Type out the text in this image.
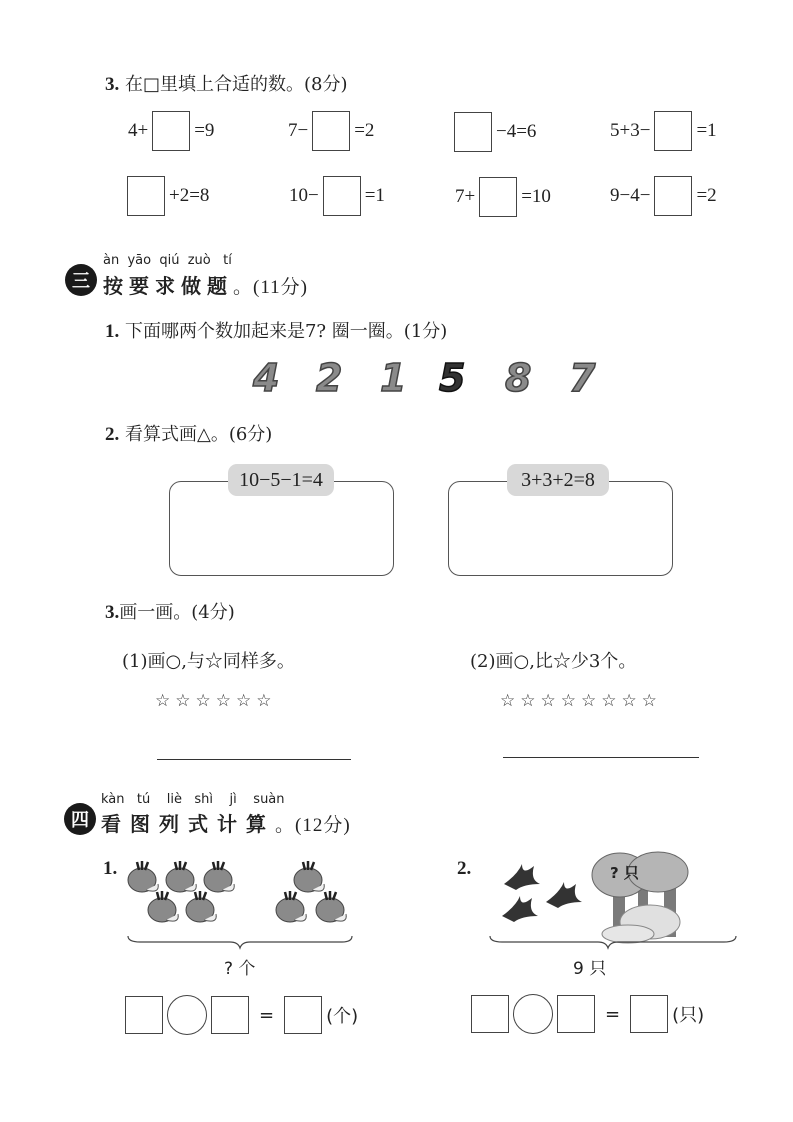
3. 在□里填上合适的数。(8分)
4+ =9	7− =2	−4=6	5+3− =1
+2=8	10− =1	7+ =10	9−4− =2
三
àn  yāo  qiú  zuò   tí
按要求做题。(11分)
1. 下面哪两个数加起来是7? 圈一圈。(1分)
4 2 1 5 8 7
2. 看算式画△。(6分)
10−5−1=4	3+3+2=8
3.画一画。(4分)
(1)画○,与☆同样多。
☆☆☆☆☆☆
(2)画○,比☆少3个。
☆☆☆☆☆☆☆☆
四
kàn   tú    liè   shì    jì    suàn
看图列式计算。(12分)
1.
? 个
=	(个)
2.	? 只
9 只
=	(只)
